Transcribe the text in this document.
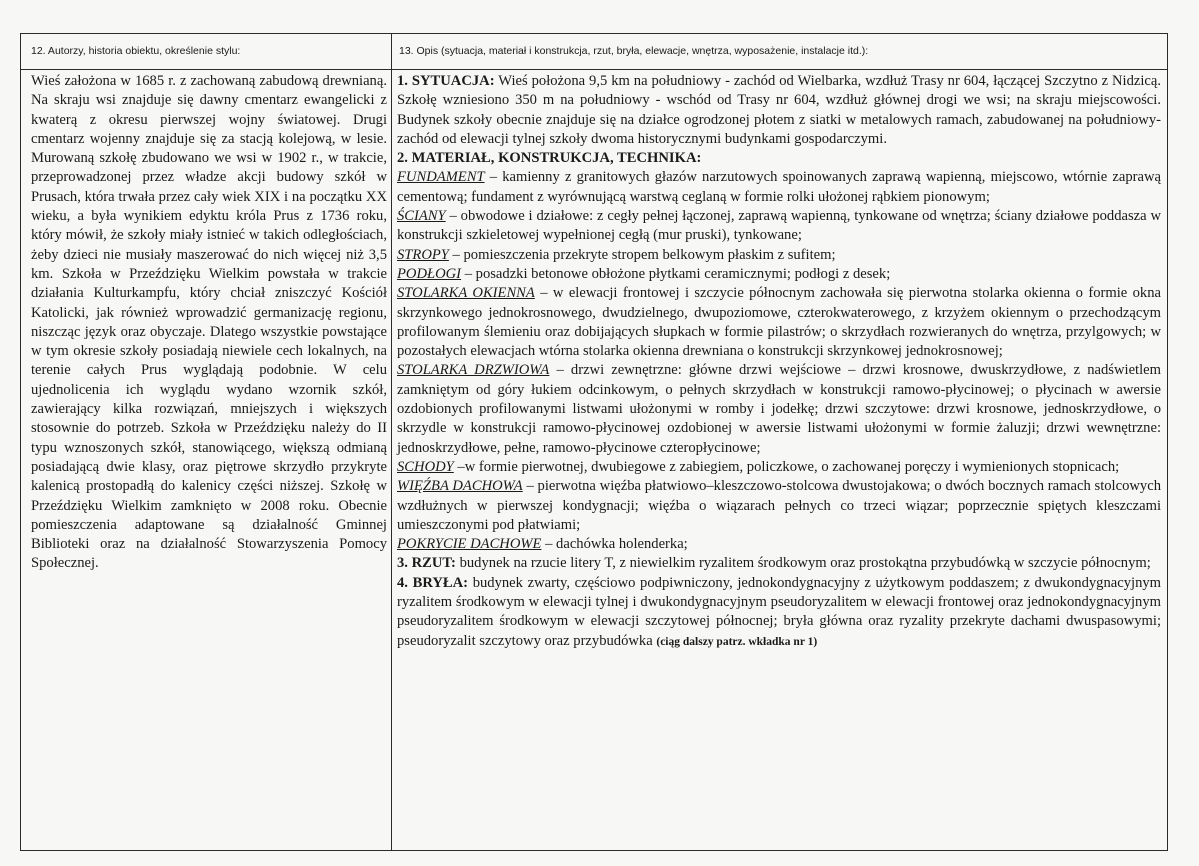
12. Autorzy, historia obiektu, określenie stylu:	13. Opis (sytuacja, materiał i konstrukcja, rzut, bryła, elewacje, wnętrza, wyposażenie, instalacje itd.):

Wieś założona w 1685 r. z zachowaną zabudową drewnianą. Na skraju wsi znajduje się dawny cmentarz ewangelicki z kwaterą z okresu pierwszej wojny światowej. Drugi cmentarz wojenny znajduje się za stacją kolejową, w lesie. Murowaną szkołę zbudowano we wsi w 1902 r., w trakcie, przeprowadzonej przez władze akcji budowy szkół w Prusach, która trwała przez cały wiek XIX i na początku XX wieku, a była wynikiem edyktu króla Prus z 1736 roku, który mówił, że szkoły miały istnieć w takich odległościach, żeby dzieci nie musiały maszerować do nich więcej niż 3,5 km. Szkoła w Przeździęku Wielkim powstała w trakcie działania Kulturkampfu, który chciał zniszczyć Kościół Katolicki, jak również wprowadzić germanizację regionu, niszcząc język oraz obyczaje. Dlatego wszystkie powstające w tym okresie szkoły posiadają niewiele cech lokalnych, na terenie całych Prus wyglądają podobnie. W celu ujednolicenia ich wyglądu wydano wzornik szkół, zawierający kilka rozwiązań, mniejszych i większych stosownie do potrzeb. Szkoła w Przeździęku należy do II typu wznoszonych szkół, stanowiącego, większą odmianą posiadającą dwie klasy, oraz piętrowe skrzydło przykryte kalenicą prostopadłą do kalenicy części niższej. Szkołę w Przeździęku Wielkim zamknięto w 2008 roku. Obecnie pomieszczenia adaptowane są działalność Gminnej Biblioteki oraz na działalność Stowarzyszenia Pomocy Społecznej.

1. SYTUACJA: Wieś położona 9,5 km na południowy - zachód od Wielbarka, wzdłuż Trasy nr 604, łączącej Szczytno z Nidzicą. Szkołę wzniesiono 350 m na południowy - wschód od Trasy nr 604, wzdłuż głównej drogi we wsi; na skraju miejscowości. Budynek szkoły obecnie znajduje się na działce ogrodzonej płotem z siatki w metalowych ramach, zabudowanej na południowy-zachód od elewacji tylnej szkoły dwoma historycznymi budynkami gospodarczymi.

2. MATERIAŁ, KONSTRUKCJA, TECHNIKA:

FUNDAMENT – kamienny z granitowych głazów narzutowych spoinowanych zaprawą wapienną, miejscowo, wtórnie zaprawą cementową; fundament z wyrównującą warstwą ceglaną w formie rolki ułożonej rąbkiem pionowym;

ŚCIANY – obwodowe i działowe: z cegły pełnej łączonej, zaprawą wapienną, tynkowane od wnętrza; ściany działowe poddasza w konstrukcji szkieletowej wypełnionej cegłą (mur pruski), tynkowane;

STROPY – pomieszczenia przekryte stropem belkowym płaskim z sufitem;

PODŁOGI – posadzki betonowe obłożone płytkami ceramicznymi; podłogi z desek;

STOLARKA OKIENNA – w elewacji frontowej i szczycie północnym zachowała się pierwotna stolarka okienna o formie okna skrzynkowego jednokrosnowego, dwudzielnego, dwupoziomowe, czterokwaterowego, z krzyżem okiennym o przechodzącym profilowanym ślemieniu oraz dobijających słupkach w formie pilastrów; o skrzydłach rozwieranych do wnętrza, przylgowych; w pozostałych elewacjach wtórna stolarka okienna drewniana o konstrukcji skrzynkowej jednokrosnowej;

STOLARKA DRZWIOWA – drzwi zewnętrzne: główne drzwi wejściowe – drzwi krosnowe, dwuskrzydłowe, z nadświetlem zamkniętym od góry łukiem odcinkowym, o pełnych skrzydłach w konstrukcji ramowo-płycinowej; o płycinach w awersie ozdobionych profilowanymi listwami ułożonymi w romby i jodełkę; drzwi szczytowe: drzwi krosnowe, jednoskrzydłowe, o skrzydle w konstrukcji ramowo-płycinowej ozdobionej w awersie listwami ułożonymi w formie żaluzji; drzwi wewnętrzne: jednoskrzydłowe, pełne, ramowo-płycinowe czteropłycinowe;

SCHODY –w formie pierwotnej, dwubiegowe z zabiegiem, policzkowe, o zachowanej poręczy i wymienionych stopnicach;

WIĘŹBA DACHOWA – pierwotna więźba płatwiowo–kleszczowo-stolcowa dwustojakowa; o dwóch bocznych ramach stolcowych wzdłużnych w pierwszej kondygnacji; więźba o wiązarach pełnych co trzeci wiązar; poprzecznie spiętych kleszczami umieszczonymi pod płatwiami;

POKRYCIE DACHOWE – dachówka holenderka;

3. RZUT: budynek na rzucie litery T, z niewielkim ryzalitem środkowym oraz prostokątna przybudówką w szczycie północnym;

4. BRYŁA: budynek zwarty, częściowo podpiwniczony, jednokondygnacyjny z użytkowym poddaszem; z dwukondygnacyjnym ryzalitem środkowym w elewacji tylnej i dwukondygnacyjnym pseudoryzalitem w elewacji frontowej oraz jednokondygnacyjnym pseudoryzalitem środkowym w elewacji szczytowej północnej; bryła główna oraz ryzality przekryte dachami dwuspasowymi; pseudoryzalit szczytowy oraz przybudówka (ciąg dalszy patrz. wkładka nr 1)
